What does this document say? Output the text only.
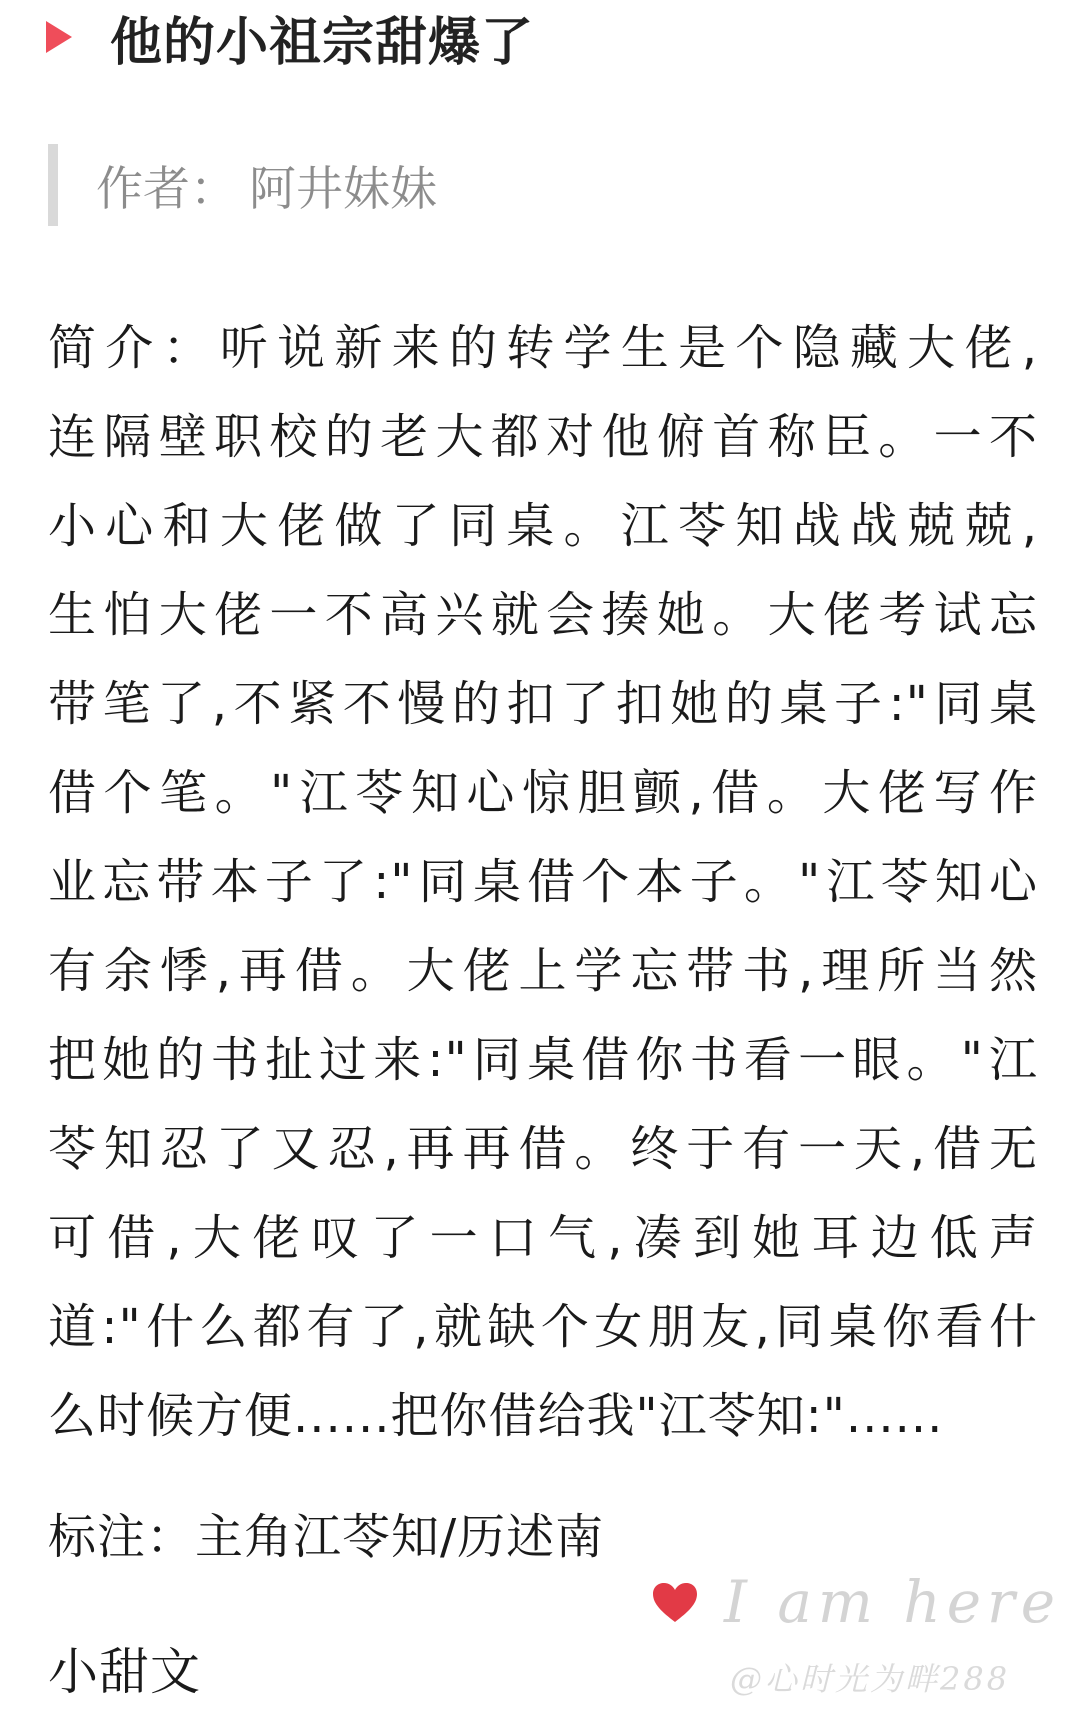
他的小祖宗甜爆了
作者： 阿井妹妹
简介：听说新来的转学生是个隐藏大佬,
连隔壁职校的老大都对他俯首称臣。一不
小心和大佬做了同桌。江苓知战战兢兢,
生怕大佬一不高兴就会揍她。大佬考试忘
带笔了,不紧不慢的扣了扣她的桌子:"同桌
借个笔。"江苓知心惊胆颤,借。大佬写作
业忘带本子了:"同桌借个本子。"江苓知心
有余悸,再借。大佬上学忘带书,理所当然
把她的书扯过来:"同桌借你书看一眼。"江
苓知忍了又忍,再再借。终于有一天,借无
可借,大佬叹了一口气,凑到她耳边低声
道:"什么都有了,就缺个女朋友,同桌你看什
么时候方便......把你借给我"江苓知:"......
标注：主角江苓知/历述南
小甜文
I am here
@心时光为畔288
